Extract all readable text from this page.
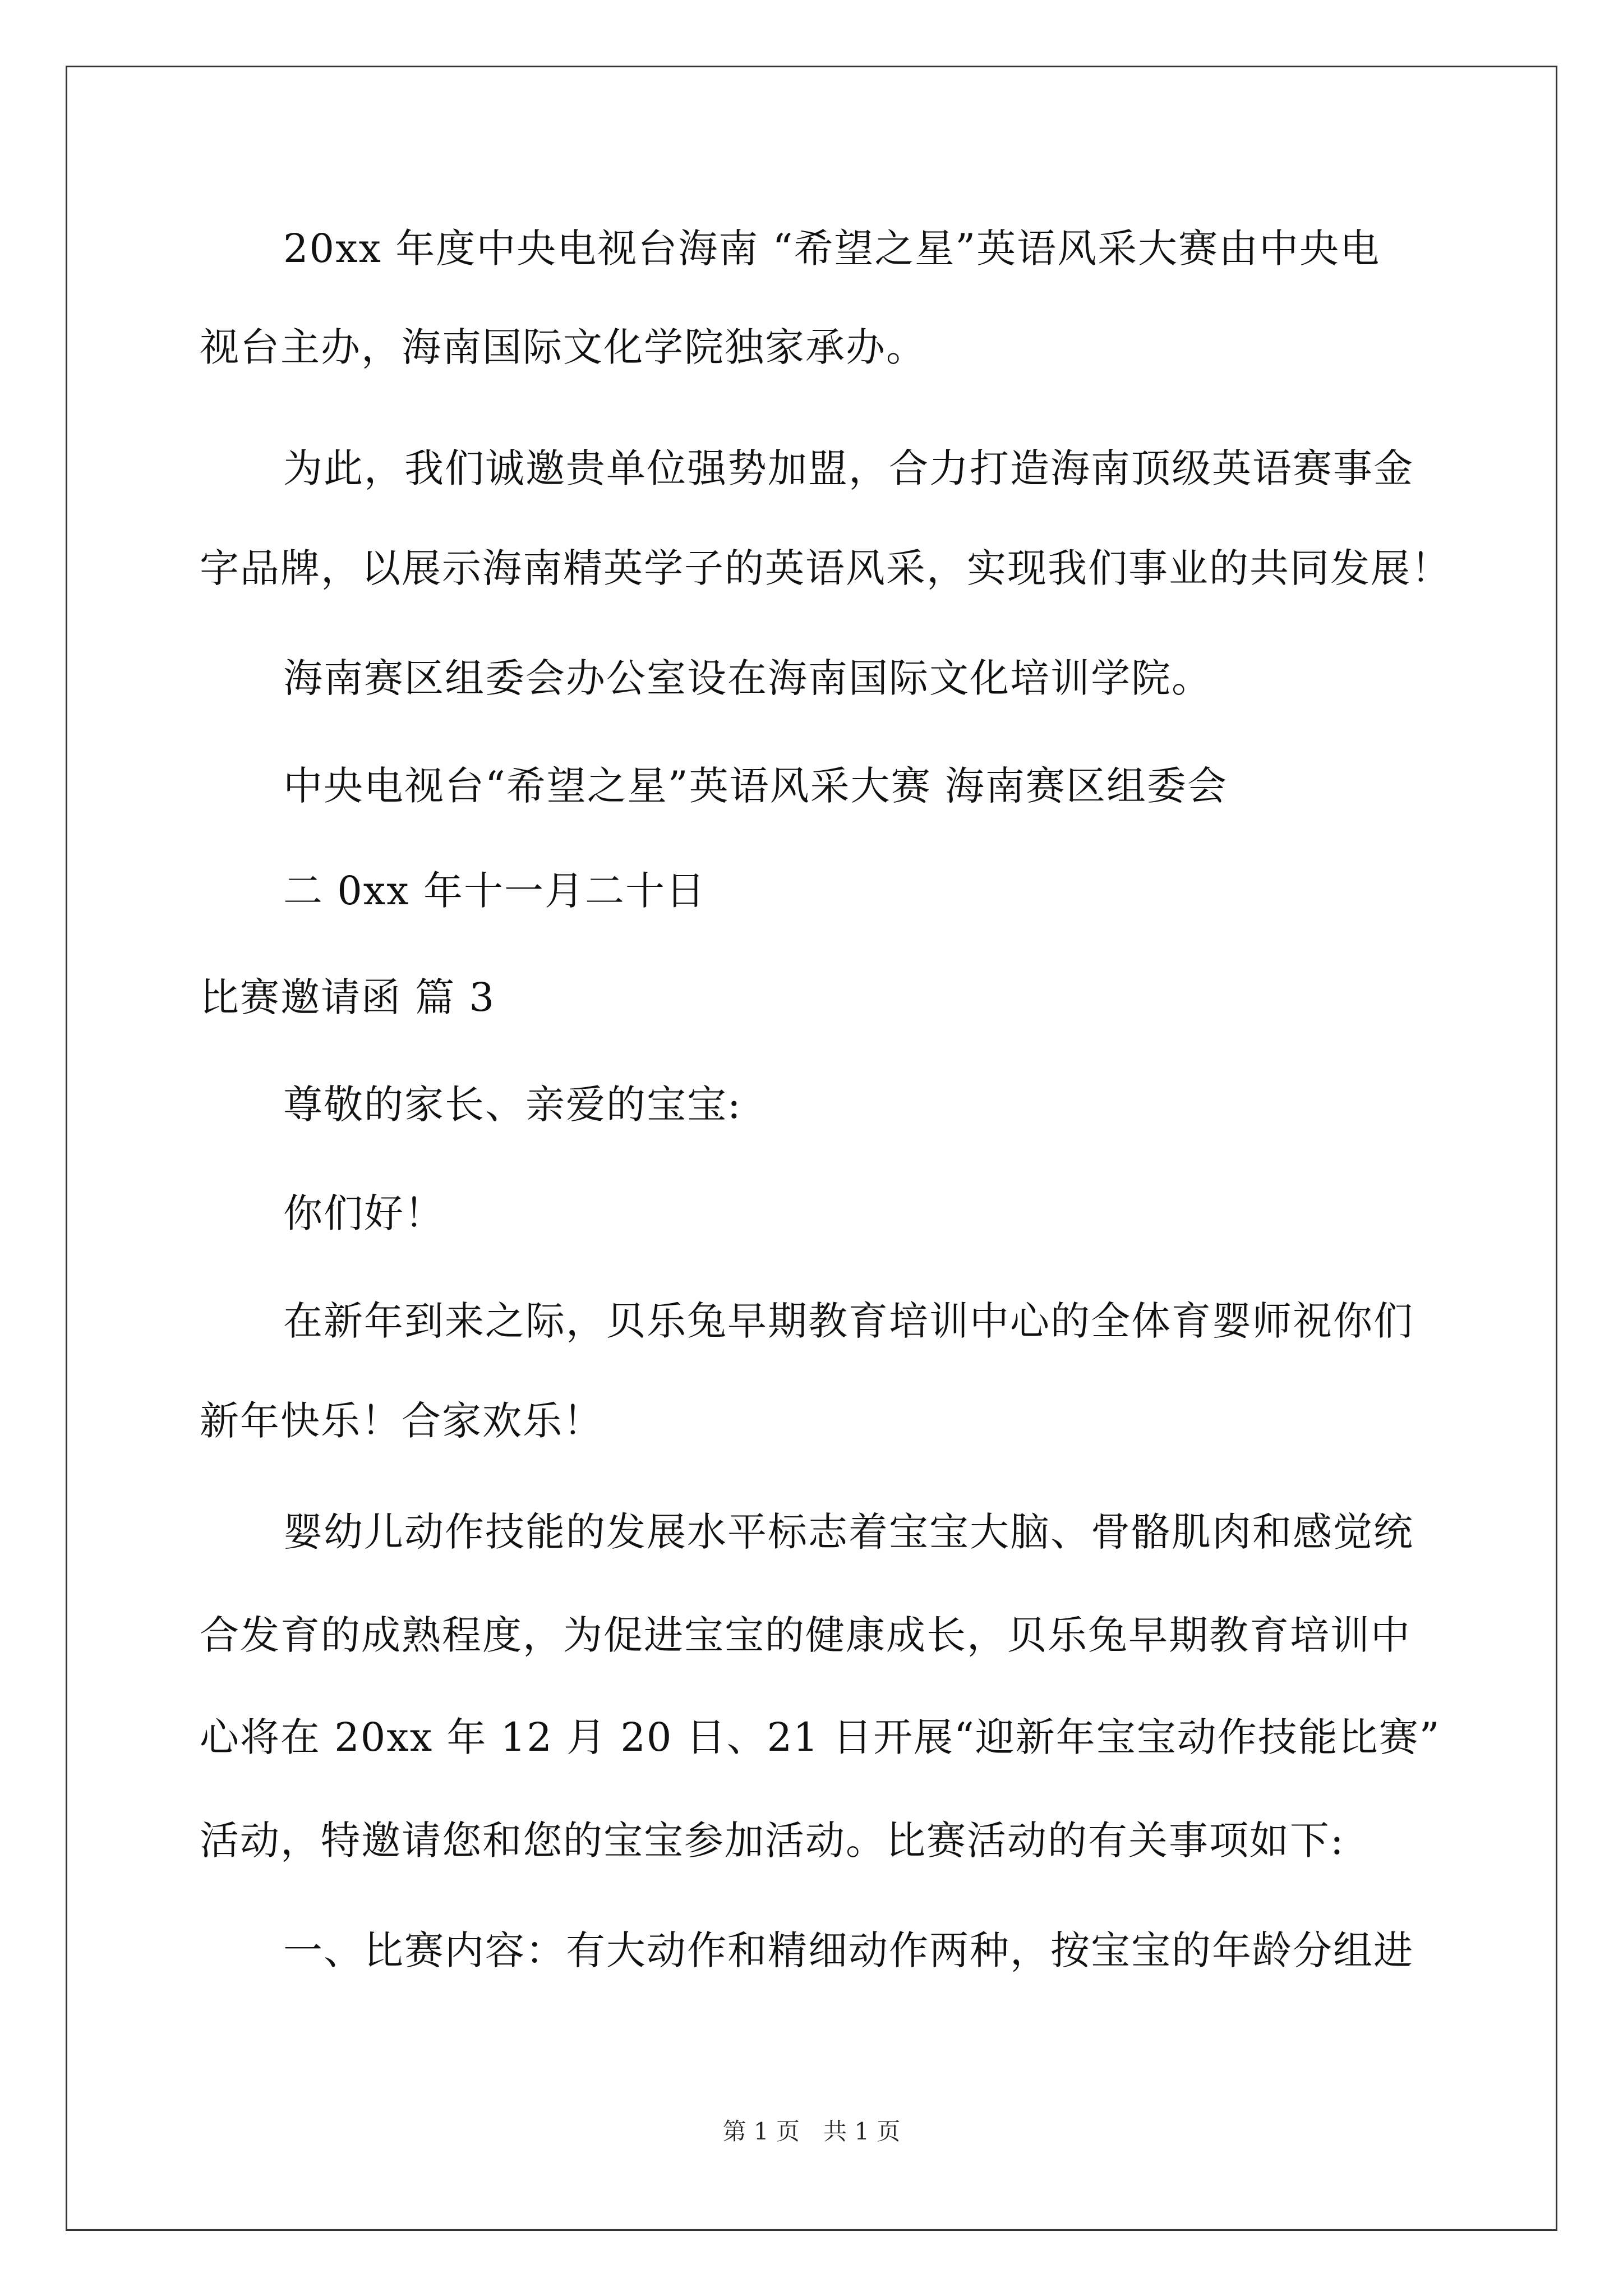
20xx 年度中央电视台海南 “希望之星”英语风采大赛由中央电
视台主办，海南国际文化学院独家承办。
为此，我们诚邀贵单位强势加盟，合力打造海南顶级英语赛事金
字品牌，以展示海南精英学子的英语风采，实现我们事业的共同发展！
海南赛区组委会办公室设在海南国际文化培训学院。
中央电视台“希望之星”英语风采大赛 海南赛区组委会
二 0xx 年十一月二十日
比赛邀请函 篇 3
尊敬的家长、亲爱的宝宝:
你们好！
在新年到来之际，贝乐兔早期教育培训中心的全体育婴师祝你们
新年快乐！合家欢乐！
婴幼儿动作技能的发展水平标志着宝宝大脑、骨骼肌肉和感觉统
合发育的成熟程度，为促进宝宝的健康成长，贝乐兔早期教育培训中
心将在 20xx 年 12 月 20 日、21 日开展“迎新年宝宝动作技能比赛”
活动，特邀请您和您的宝宝参加活动。比赛活动的有关事项如下:
一、比赛内容：有大动作和精细动作两种，按宝宝的年龄分组进
第 1 页　共 1 页
